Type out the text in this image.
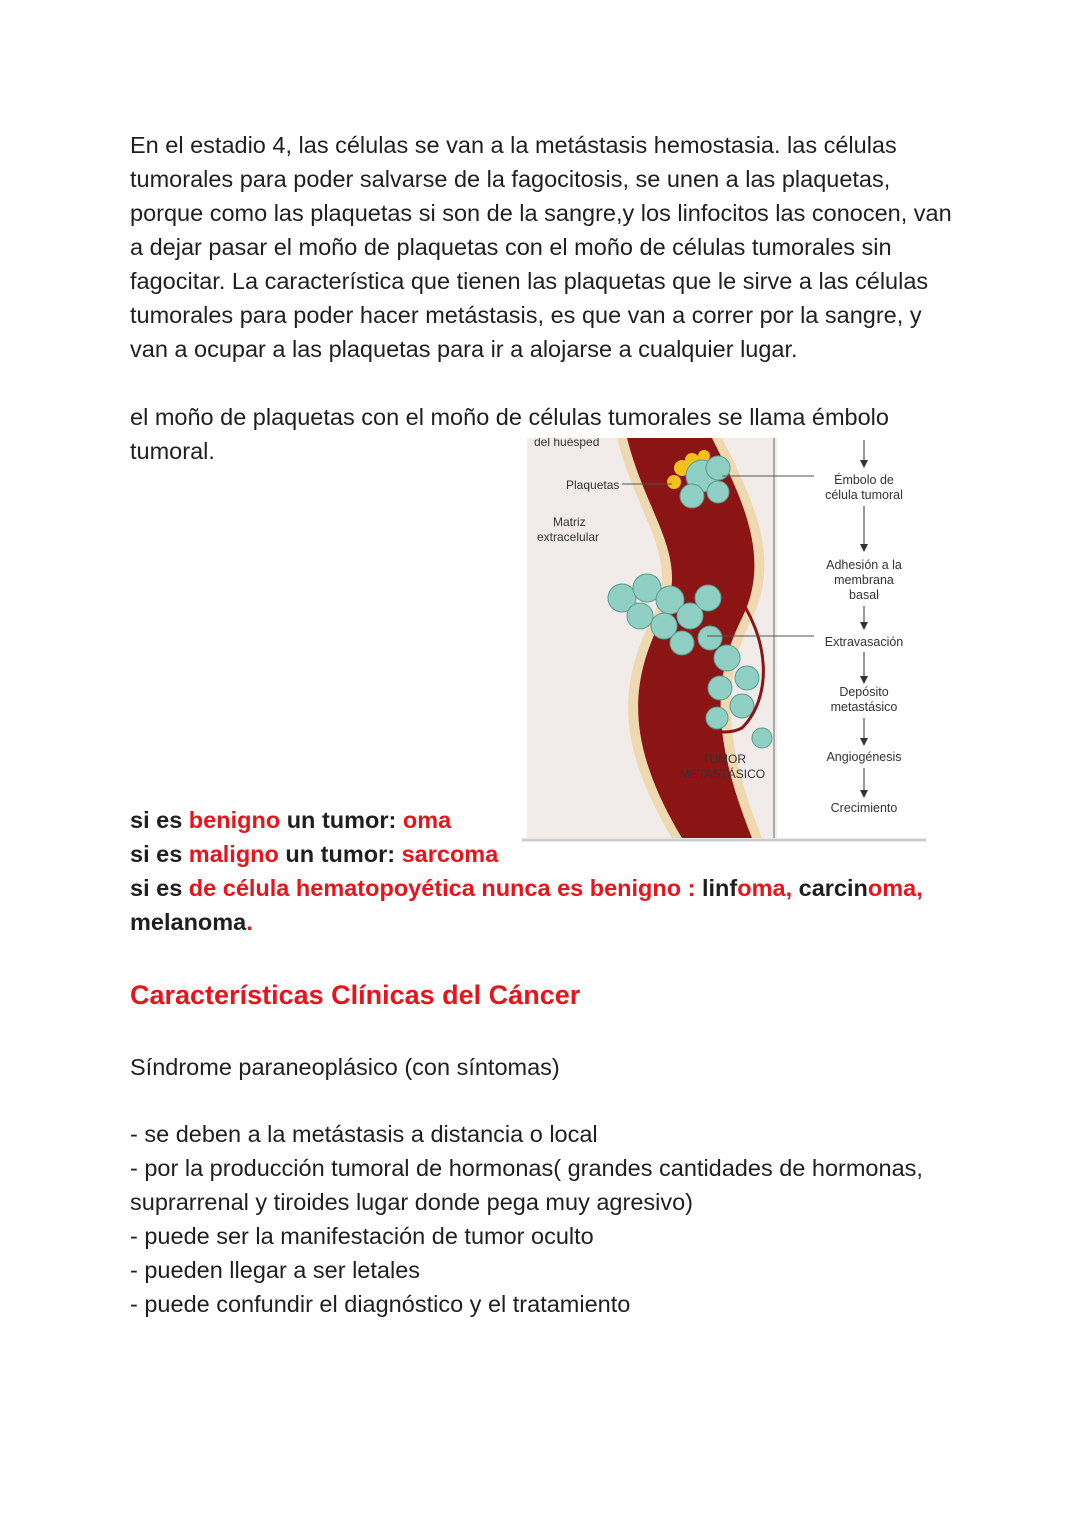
En el estadio 4, las células se van a la metástasis hemostasia. las células tumorales para poder salvarse de la fagocitosis, se unen a las plaquetas, porque como las plaquetas si son de la sangre,y los linfocitos las conocen, van a dejar pasar el moño de plaquetas con el moño de células tumorales sin fagocitar. La característica que tienen las plaquetas que le sirve a las células tumorales para poder hacer metástasis, es que van a correr por la sangre, y van a ocupar a las plaquetas para ir a alojarse a cualquier lugar.

el moño de plaquetas con el moño de células tumorales se llama émbolo tumoral.	del huésped
Plaquetas
Matriz
extracelular
TUMOR
METASTÁSICO
Émbolo de
célula tumoral
Adhesión a la
membrana
basal
Extravasación
Depósito
metastásico
Angiogénesis
Crecimiento
si es benigno un tumor: oma
si es maligno un tumor: sarcoma
si es de célula hematopoyética nunca es benigno : linfoma, carcinoma,
melanoma.
Características Clínicas del Cáncer

Síndrome paraneoplásico (con síntomas)

- se deben a la metástasis a distancia o local
- por la producción tumoral de hormonas( grandes cantidades de hormonas, suprarrenal y tiroides lugar donde pega muy agresivo)
- puede ser la manifestación de tumor oculto
- pueden llegar a ser letales
- puede confundir el diagnóstico y el tratamiento
